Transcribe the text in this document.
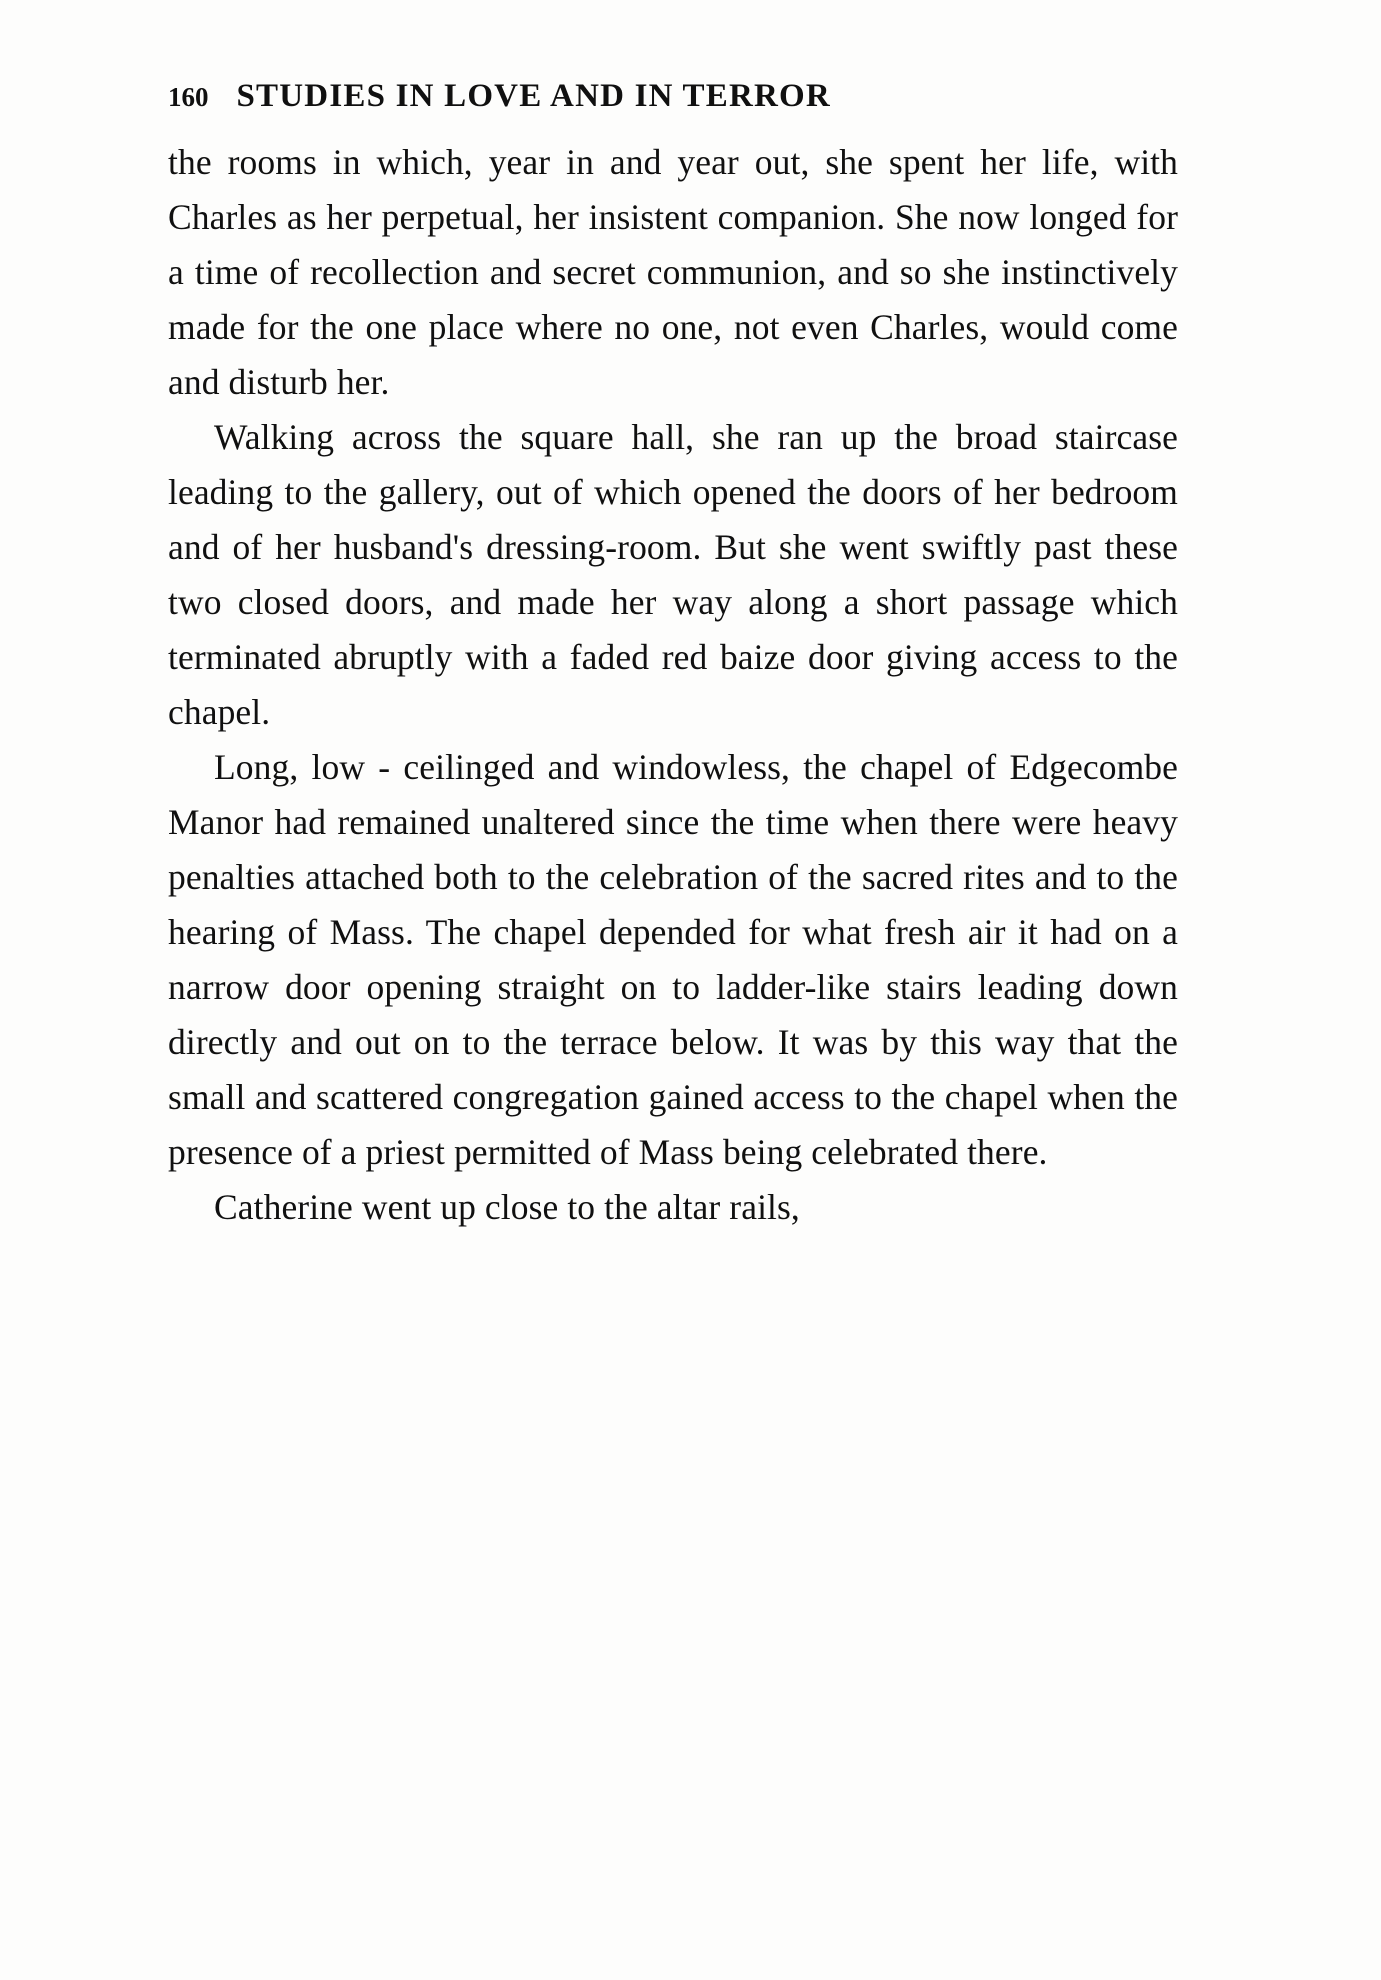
160 STUDIES IN LOVE AND IN TERROR

the rooms in which, year in and year out, she spent her life, with Charles as her perpetual, her insistent companion. She now longed for a time of recollection and secret communion, and so she instinctively made for the one place where no one, not even Charles, would come and disturb her.

Walking across the square hall, she ran up the broad staircase leading to the gallery, out of which opened the doors of her bedroom and of her husband's dressing-room. But she went swiftly past these two closed doors, and made her way along a short passage which terminated abruptly with a faded red baize door giving access to the chapel.

Long, low - ceilinged and windowless, the chapel of Edgecombe Manor had remained unaltered since the time when there were heavy penalties attached both to the celebration of the sacred rites and to the hearing of Mass. The chapel depended for what fresh air it had on a narrow door opening straight on to ladder-like stairs leading down directly and out on to the terrace below. It was by this way that the small and scattered congregation gained access to the chapel when the presence of a priest permitted of Mass being celebrated there.

Catherine went up close to the altar rails,
